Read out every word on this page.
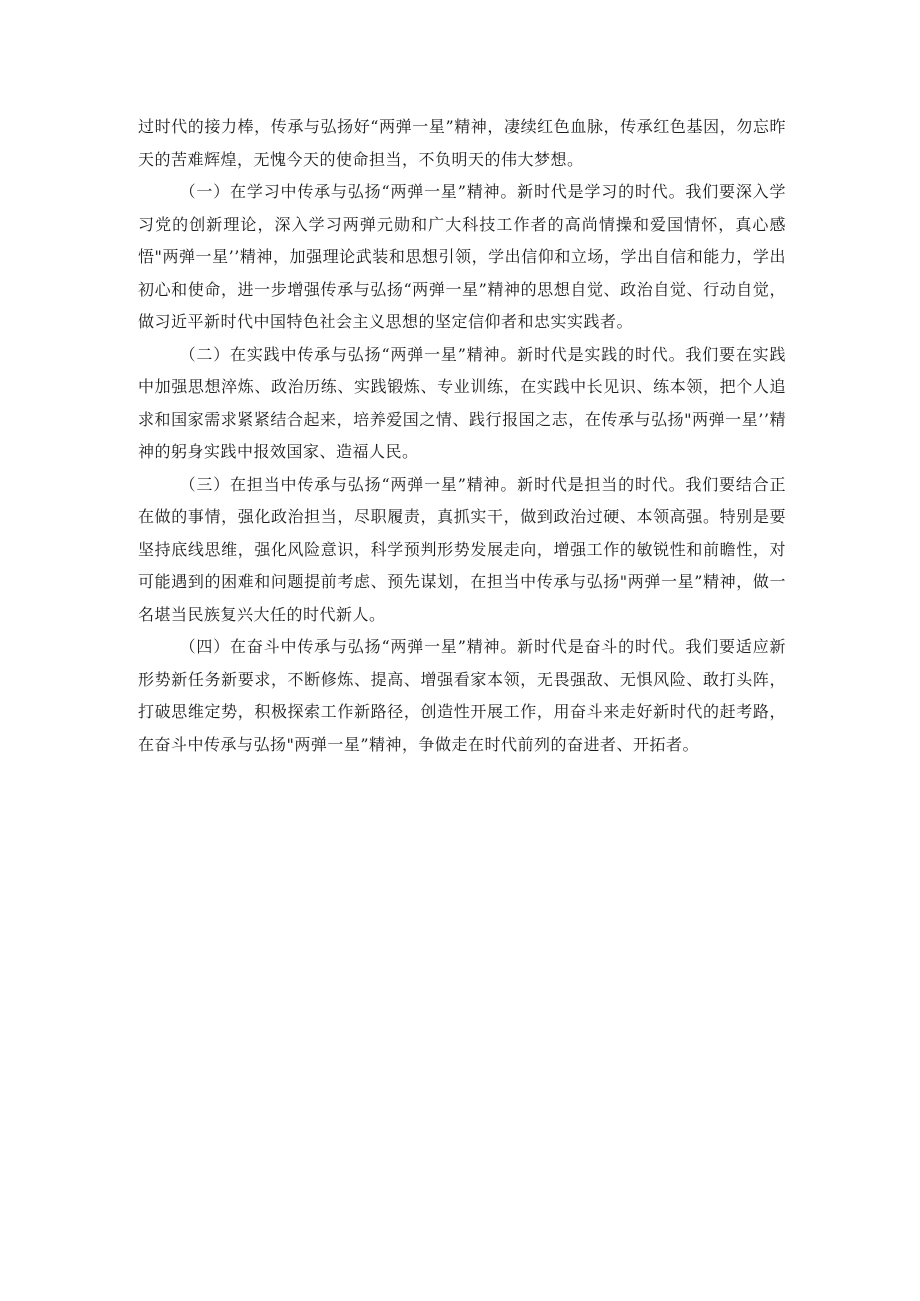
过时代的接力棒，传承与弘扬好“两弹一星”精神，凄续红色血脉，传承红色基因，勿忘昨天的苦难辉煌，无愧今天的使命担当，不负明天的伟大梦想。

（一）在学习中传承与弘扬“两弹一星”精神。新时代是学习的时代。我们要深入学习党的创新理论，深入学习两弹元勋和广大科技工作者的高尚情操和爱国情怀，真心感悟"两弹一星’’精神，加强理论武装和思想引领，学出信仰和立场，学出自信和能力，学出初心和使命，进一步增强传承与弘扬“两弹一星”精神的思想自觉、政治自觉、行动自觉，做习近平新时代中国特色社会主义思想的坚定信仰者和忠实实践者。

（二）在实践中传承与弘扬“两弹一星”精神。新时代是实践的时代。我们要在实践中加强思想淬炼、政治历练、实践锻炼、专业训练，在实践中长见识、练本领，把个人追求和国家需求紧紧结合起来，培养爱国之情、践行报国之志，在传承与弘扬"两弹一星’’精神的躬身实践中报效国家、造福人民。

（三）在担当中传承与弘扬“两弹一星”精神。新时代是担当的时代。我们要结合正在做的事情，强化政治担当，尽职履责，真抓实干，做到政治过硬、本领高强。特别是要坚持底线思维，强化风险意识，科学预判形势发展走向，增强工作的敏锐性和前瞻性，对可能遇到的困难和问题提前考虑、预先谋划，在担当中传承与弘扬"两弹一星”精神，做一名堪当民族复兴大任的时代新人。

（四）在奋斗中传承与弘扬“两弹一星”精神。新时代是奋斗的时代。我们要适应新形势新任务新要求，不断修炼、提高、增强看家本领，无畏强敌、无惧风险、敢打头阵，打破思维定势，积极探索工作新路径，创造性开展工作，用奋斗来走好新时代的赶考路，在奋斗中传承与弘扬"两弹一星”精神，争做走在时代前列的奋进者、开拓者。
